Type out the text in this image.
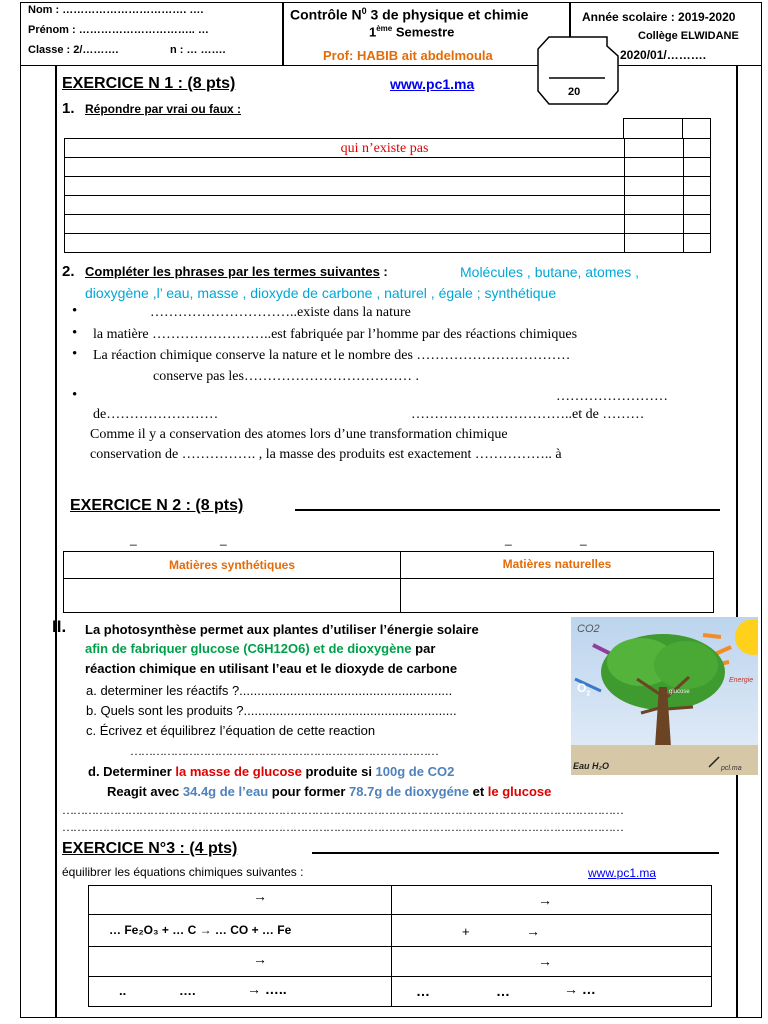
Nom : ……………………………. ….
Prénom : ………………………….. …
Classe : 2/……….	n : … …….
Contrôle $N^0$ 3 de physique et chimie
1ème Semestre
Prof: HABIB ait abdelmoula
Année scolaire : 2019-2020
Collège ELWIDANE
2020/01/……….
20
EXERCICE N 1 : (8 pts)	www.pc1.ma
1. Répondre par vrai ou faux :
qui n’existe pas		

2. Compléter les phrases par les termes suivantes :	Molécules , butane, atomes ,
dioxygène ,l’ eau, masse , dioxyde de carbone , naturel , égale ; synthétique
•	…………………………..existe dans la nature
• la matière ……………………..est fabriquée par l’homme par des réactions chimiques
• La réaction chimique conserve la nature et le nombre des ……………………………
conserve pas les……………………………… .
•	……………………
de……………………	……………………………..et de ………
Comme il y a conservation des atomes lors d’une transformation chimique
conservation de ……………. , la masse des produits est exactement …………….. à
EXERCICE N 2 : (8 pts)
_	_	_	_
Matières synthétiques	Matières naturelles

II. La photosynthèse permet aux plantes d’utiliser l’énergie solaire
afin de fabriquer glucose (C6H12O6) et de dioxygène par
réaction chimique en utilisant l’eau et le dioxyde de carbone
a. determiner les réactifs ?...........................................................
b. Quels sont les produits ?...........................................................
c. Écrivez et équilibrez l’équation de cette reaction
…………………………………………………………………………
d. Determiner la masse de glucose produite si 100g de CO2
Reagit avec 34.4g de l’eau pour former 78.7g de dioxygéne et le glucose
………………………………………………………………………………………………………………………………………
………………………………………………………………………………………………………………………………………
CO2
$O_2$	glucose
Energie
Eau H₂O	pcl.ma
EXERCICE N°3 : (4 pts)
équilibrer les équations chimiques suivantes :	www.pc1.ma
→	→

… Fe₂O₃ + … C → … CO + … Fe	+ →

→	→

.. …. → …..	… … → …
